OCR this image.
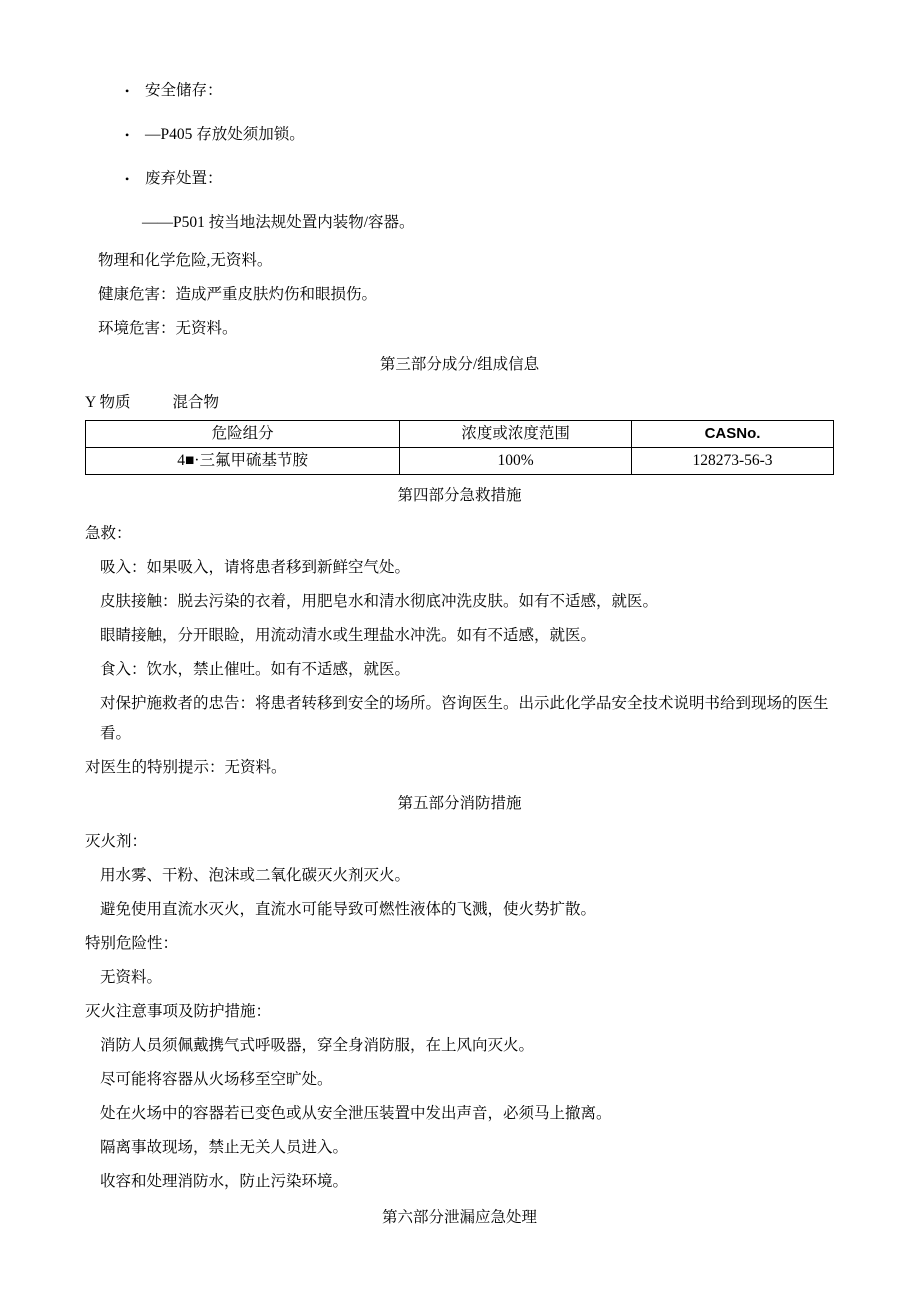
•	安全储存：
•	—P405 存放处须加锁。
•	废弃处置：

——P501 按当地法规处置内装物/容器。

物理和化学危险,无资料。

健康危害：造成严重皮肤灼伤和眼损伤。

环境危害：无资料。

第三部分成分/组成信息

Y 物质	混合物
危险组分	浓度或浓度范围	CASNo.
4■·三氟甲硫基节胺	100%	128273-56-3

第四部分急救措施

急救：

吸入：如果吸入，请将患者移到新鲜空气处。

皮肤接触：脱去污染的衣着，用肥皂水和清水彻底冲洗皮肤。如有不适感，就医。

眼睛接触，分开眼睑，用流动清水或生理盐水冲洗。如有不适感，就医。

食入：饮水，禁止催吐。如有不适感，就医。

对保护施救者的忠告：将患者转移到安全的场所。咨询医生。出示此化学品安全技术说明书给到现场的医生看。

对医生的特别提示：无资料。

第五部分消防措施

灭火剂：

用水雾、干粉、泡沫或二氧化碳灭火剂灭火。

避免使用直流水灭火，直流水可能导致可燃性液体的飞溅，使火势扩散。

特别危险性：

无资料。

灭火注意事项及防护措施：

消防人员须佩戴携气式呼吸器，穿全身消防服，在上风向灭火。

尽可能将容器从火场移至空旷处。

处在火场中的容器若已变色或从安全泄压装置中发出声音，必须马上撤离。

隔离事故现场，禁止无关人员进入。

收容和处理消防水，防止污染环境。

第六部分泄漏应急处理
